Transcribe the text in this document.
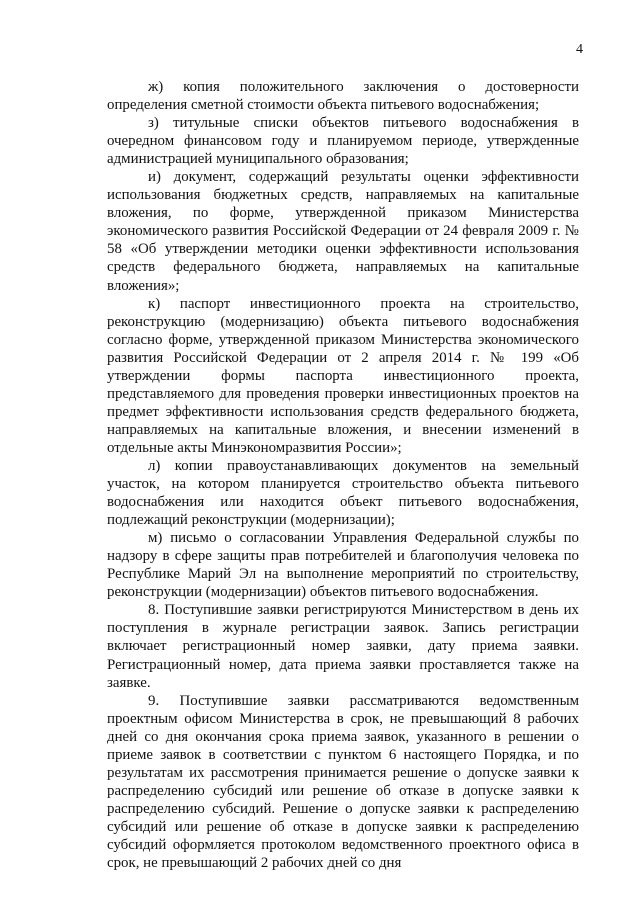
4

ж) копия положительного заключения о достоверности определения сметной стоимости объекта питьевого водоснабжения;

з) титульные списки объектов питьевого водоснабжения в очередном финансовом году и планируемом периоде, утвержденные администрацией муниципального образования;

и) документ, содержащий результаты оценки эффективности использования бюджетных средств, направляемых на капитальные вложения, по форме, утвержденной приказом Министерства экономического развития Российской Федерации от 24 февраля 2009 г. № 58 «Об утверждении методики оценки эффективности использования средств федерального бюджета, направляемых на капитальные вложения»;

к) паспорт инвестиционного проекта на строительство, реконструкцию (модернизацию) объекта питьевого водоснабжения согласно форме, утвержденной приказом Министерства экономического развития Российской Федерации от 2 апреля 2014 г. № 199 «Об утверждении формы паспорта инвестиционного проекта, представляемого для проведения проверки инвестиционных проектов на предмет эффективности использования средств федерального бюджета, направляемых на капитальные вложения, и внесении изменений в отдельные акты Минэкономразвития России»;

л) копии правоустанавливающих документов на земельный участок, на котором планируется строительство объекта питьевого водоснабжения или находится объект питьевого водоснабжения, подлежащий реконструкции (модернизации);

м) письмо о согласовании Управления Федеральной службы по надзору в сфере защиты прав потребителей и благополучия человека по Республике Марий Эл на выполнение мероприятий по строительству, реконструкции (модернизации) объектов питьевого водоснабжения.

8. Поступившие заявки регистрируются Министерством в день их поступления в журнале регистрации заявок. Запись регистрации включает регистрационный номер заявки, дату приема заявки. Регистрационный номер, дата приема заявки проставляется также на заявке.

9. Поступившие заявки рассматриваются ведомственным проектным офисом Министерства в срок, не превышающий 8 рабочих дней со дня окончания срока приема заявок, указанного в решении о приеме заявок в соответствии с пунктом 6 настоящего Порядка, и по результатам их рассмотрения принимается решение о допуске заявки к распределению субсидий или решение об отказе в допуске заявки к распределению субсидий. Решение о допуске заявки к распределению субсидий или решение об отказе в допуске заявки к распределению субсидий оформляется протоколом ведомственного проектного офиса в срок, не превышающий 2 рабочих дней со дня
